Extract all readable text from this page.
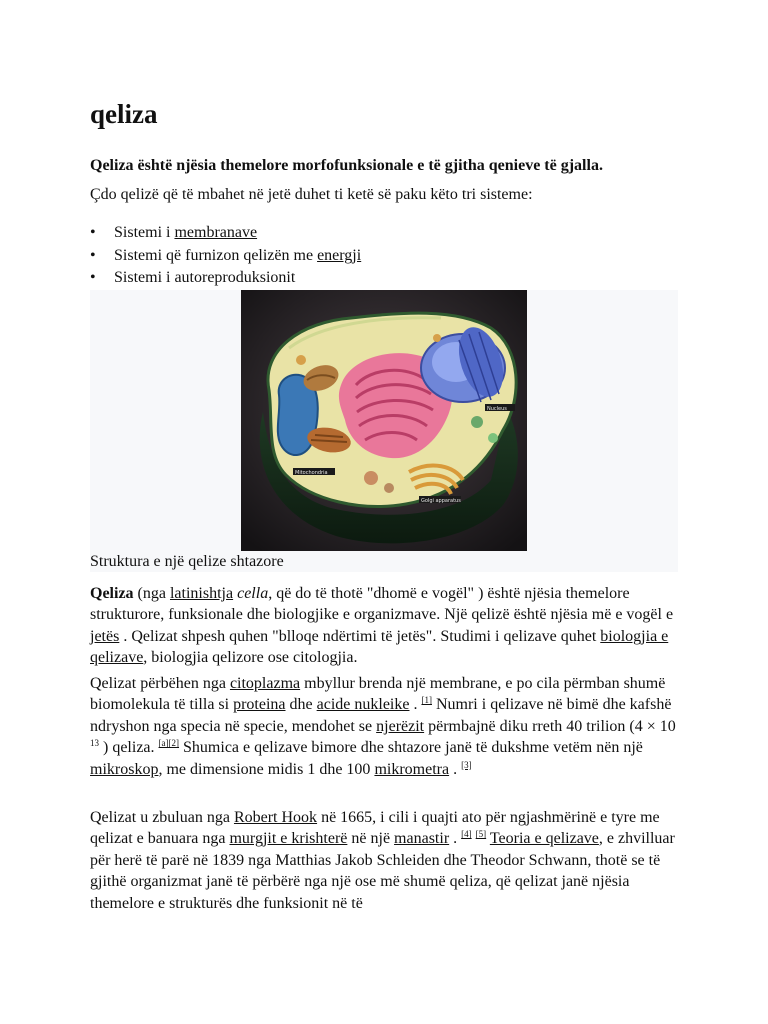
qeliza

Qeliza është njësia themelore morfofunksionale e të gjitha qenieve të gjalla.

Çdo qelizë që të mbahet në jetë duhet ti ketë së paku këto tri sisteme:

• Sistemi i membranave
• Sistemi që furnizon qelizën me energji
• Sistemi i autoreproduksionit
Mitochondria
Golgi apparatus
Nucleus
Struktura e një qelize shtazore

Qeliza (nga latinishtja cella, që do të thotë "dhomë e vogël" ) është njësia themelore strukturore, funksionale dhe biologjike e organizmave. Një qelizë është njësia më e vogël e jetës . Qelizat shpesh quhen "blloqe ndërtimi të jetës". Studimi i qelizave quhet biologjia e qelizave, biologjia qelizore ose citologjia.

Qelizat përbëhen nga citoplazma mbyllur brenda një membrane, e po cila përmban shumë biomolekula të tilla si proteina dhe acide nukleike . [1] Numri i qelizave në bimë dhe kafshë ndryshon nga specia në specie, mendohet se njerëzit përmbajnë diku rreth 40 trilion (4 × 10 $^{13}$ ) qeliza. [a][2] Shumica e qelizave bimore dhe shtazore janë të dukshme vetëm nën një mikroskop, me dimensione midis 1 dhe 100 mikrometra . [3]

Qelizat u zbuluan nga Robert Hook në 1665, i cili i quajti ato për ngjashmërinë e tyre me qelizat e banuara nga murgjit e krishterë në një manastir . [4] [5] Teoria e qelizave, e zhvilluar për herë të parë në 1839 nga Matthias Jakob Schleiden dhe Theodor Schwann, thotë se të gjithë organizmat janë të përbërë nga një ose më shumë qeliza, që qelizat janë njësia themelore e strukturës dhe funksionit në të
